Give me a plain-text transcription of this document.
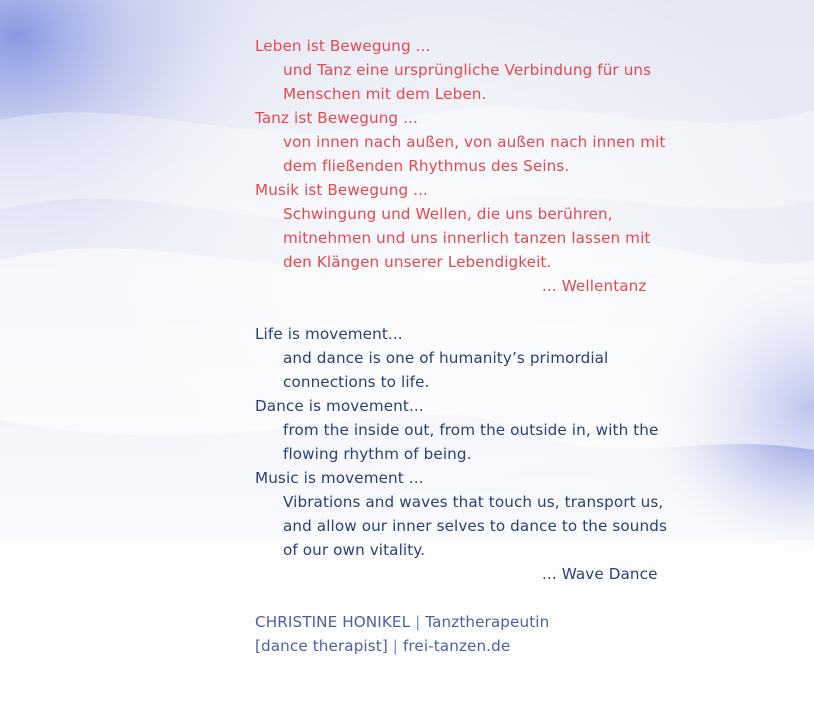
Leben ist Bewegung ...
und Tanz eine ursprüngliche Verbindung für uns
Menschen mit dem Leben.
Tanz ist Bewegung ...
von innen nach außen, von außen nach innen mit
dem fließenden Rhythmus des Seins.
Musik ist Bewegung ...
Schwingung und Wellen, die uns berühren,
mitnehmen und uns innerlich tanzen lassen mit
den Klängen unserer Lebendigkeit.
... Wellentanz
Life is movement...
and dance is one of humanity’s primordial
connections to life.
Dance is movement...
from the inside out, from the outside in, with the
flowing rhythm of being.
Music is movement ...
Vibrations and waves that touch us, transport us,
and allow our inner selves to dance to the sounds
of our own vitality.
... Wave Dance
CHRISTINE HONIKEL | Tanztherapeutin
[dance therapist] | frei-tanzen.de
